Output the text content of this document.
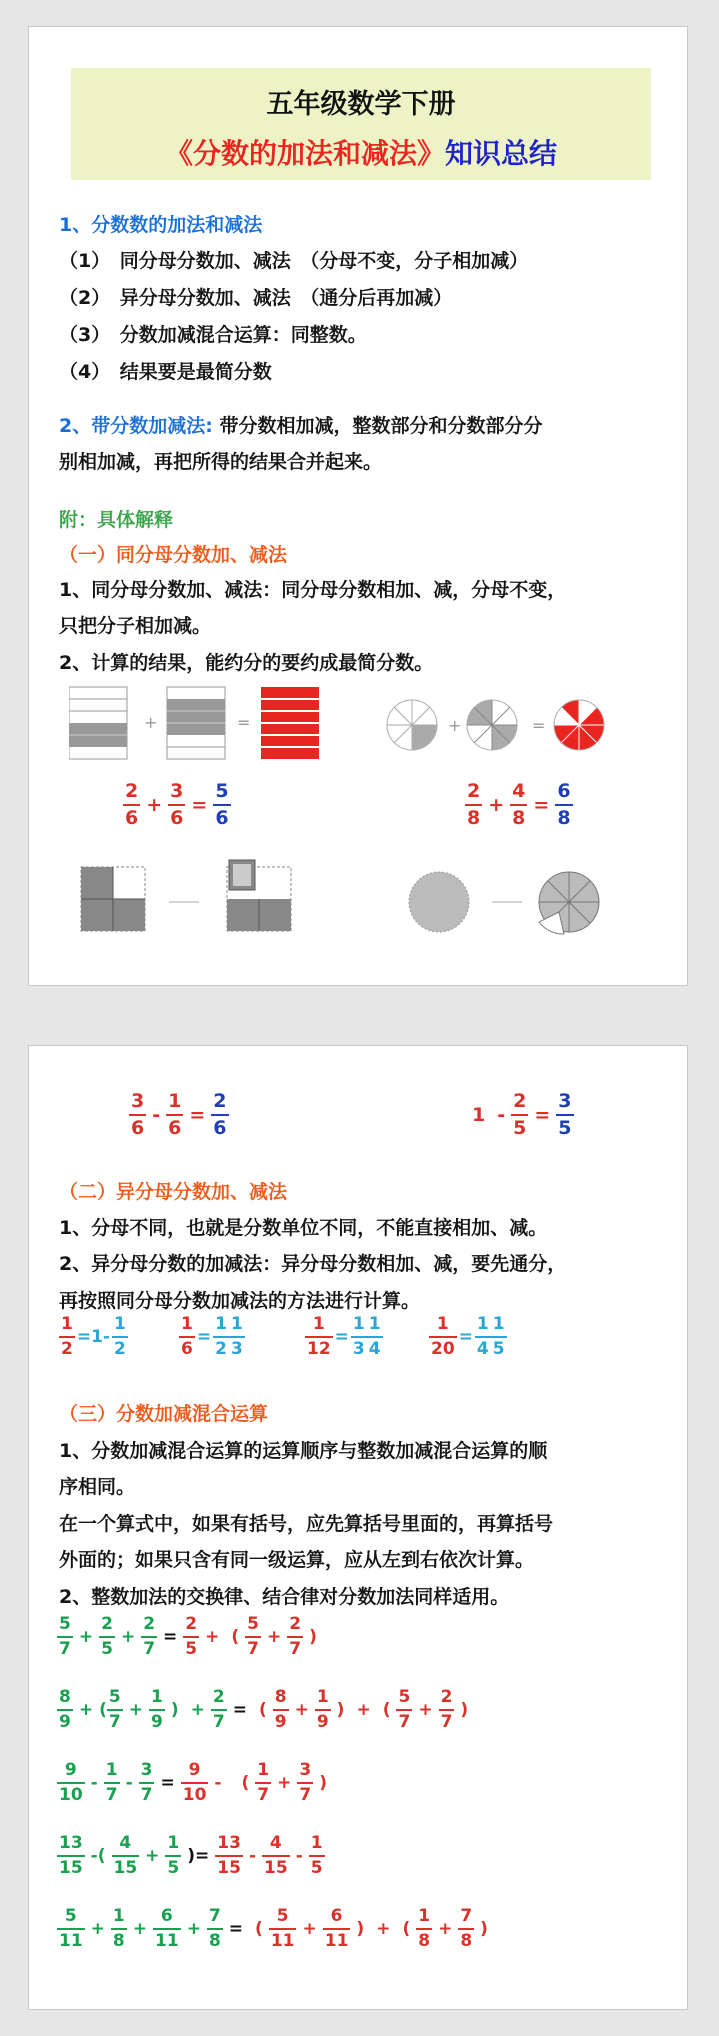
五年级数学下册
《分数的加法和减法》知识总结
1、分数数的加法和减法
（1）　同分母分数加、减法　（分母不变，分子相加减）
（2）　异分母分数加、减法　（通分后再加减）
（3）　分数加减混合运算：同整数。
（4）　结果要是最简分数
2、带分数加减法: 带分数相加减，整数部分和分数部分分
别相加减，再把所得的结果合并起来。
附：具体解释
（一）同分母分数加、减法
1、同分母分数加、减法：同分母分数相加、减，分母不变，
只把分子相加减。
2、计算的结果，能约分的要约成最简分数。
+	=	+	=
$\frac{2}{6} + \frac{3}{6} = \frac{5}{6}$	$\frac{2}{8} + \frac{4}{8} = \frac{6}{8}$
$\frac{3}{6} - \frac{1}{6} = \frac{2}{6}$	$1 - \frac{2}{5} = \frac{3}{5}$
（二）异分母分数加、减法
1、分母不同，也就是分数单位不同，不能直接相加、减。
2、异分母分数的加减法：异分母分数相加、减，要先通分，
再按照同分母分数加减法的方法进行计算。
$\frac{1}{2} =1- \frac{1}{2}$	$\frac{1}{6} = \frac{1}{2} \frac{1}{3}$	$\frac{1}{12} = \frac{1}{3} \frac{1}{4}$	$\frac{1}{20} = \frac{1}{4} \frac{1}{5}$
（三）分数加减混合运算
1、分数加减混合运算的运算顺序与整数加减混合运算的顺
序相同。
在一个算式中，如果有括号，应先算括号里面的，再算括号
外面的；如果只含有同一级运算，应从左到右依次计算。
2、整数加法的交换律、结合律对分数加法同样适用。
$\frac{5}{7} + \frac{2}{5} + \frac{2}{7} = \frac{2}{5}$ + ( $\frac{5}{7} + \frac{2}{7}$ )
$\frac{8}{9}$ + ( $\frac{5}{7} + \frac{1}{9}$ ) + $\frac{2}{7}$ = ( $\frac{8}{9} + \frac{1}{9}$ ) + ( $\frac{5}{7} + \frac{2}{7}$ )
$\frac{9}{10} - \frac{1}{7} - \frac{3}{7} = \frac{9}{10}$ -	( $\frac{1}{7} + \frac{3}{7}$ )
$\frac{13}{15}$ -( $\frac{4}{15} + \frac{1}{5}$ )= $\frac{13}{15} - \frac{4}{15} - \frac{1}{5}$
$\frac{5}{11} + \frac{1}{8} + \frac{6}{11} + \frac{7}{8}$ = ( $\frac{5}{11} + \frac{6}{11}$ ) + ( $\frac{1}{8} + \frac{7}{8}$ )
